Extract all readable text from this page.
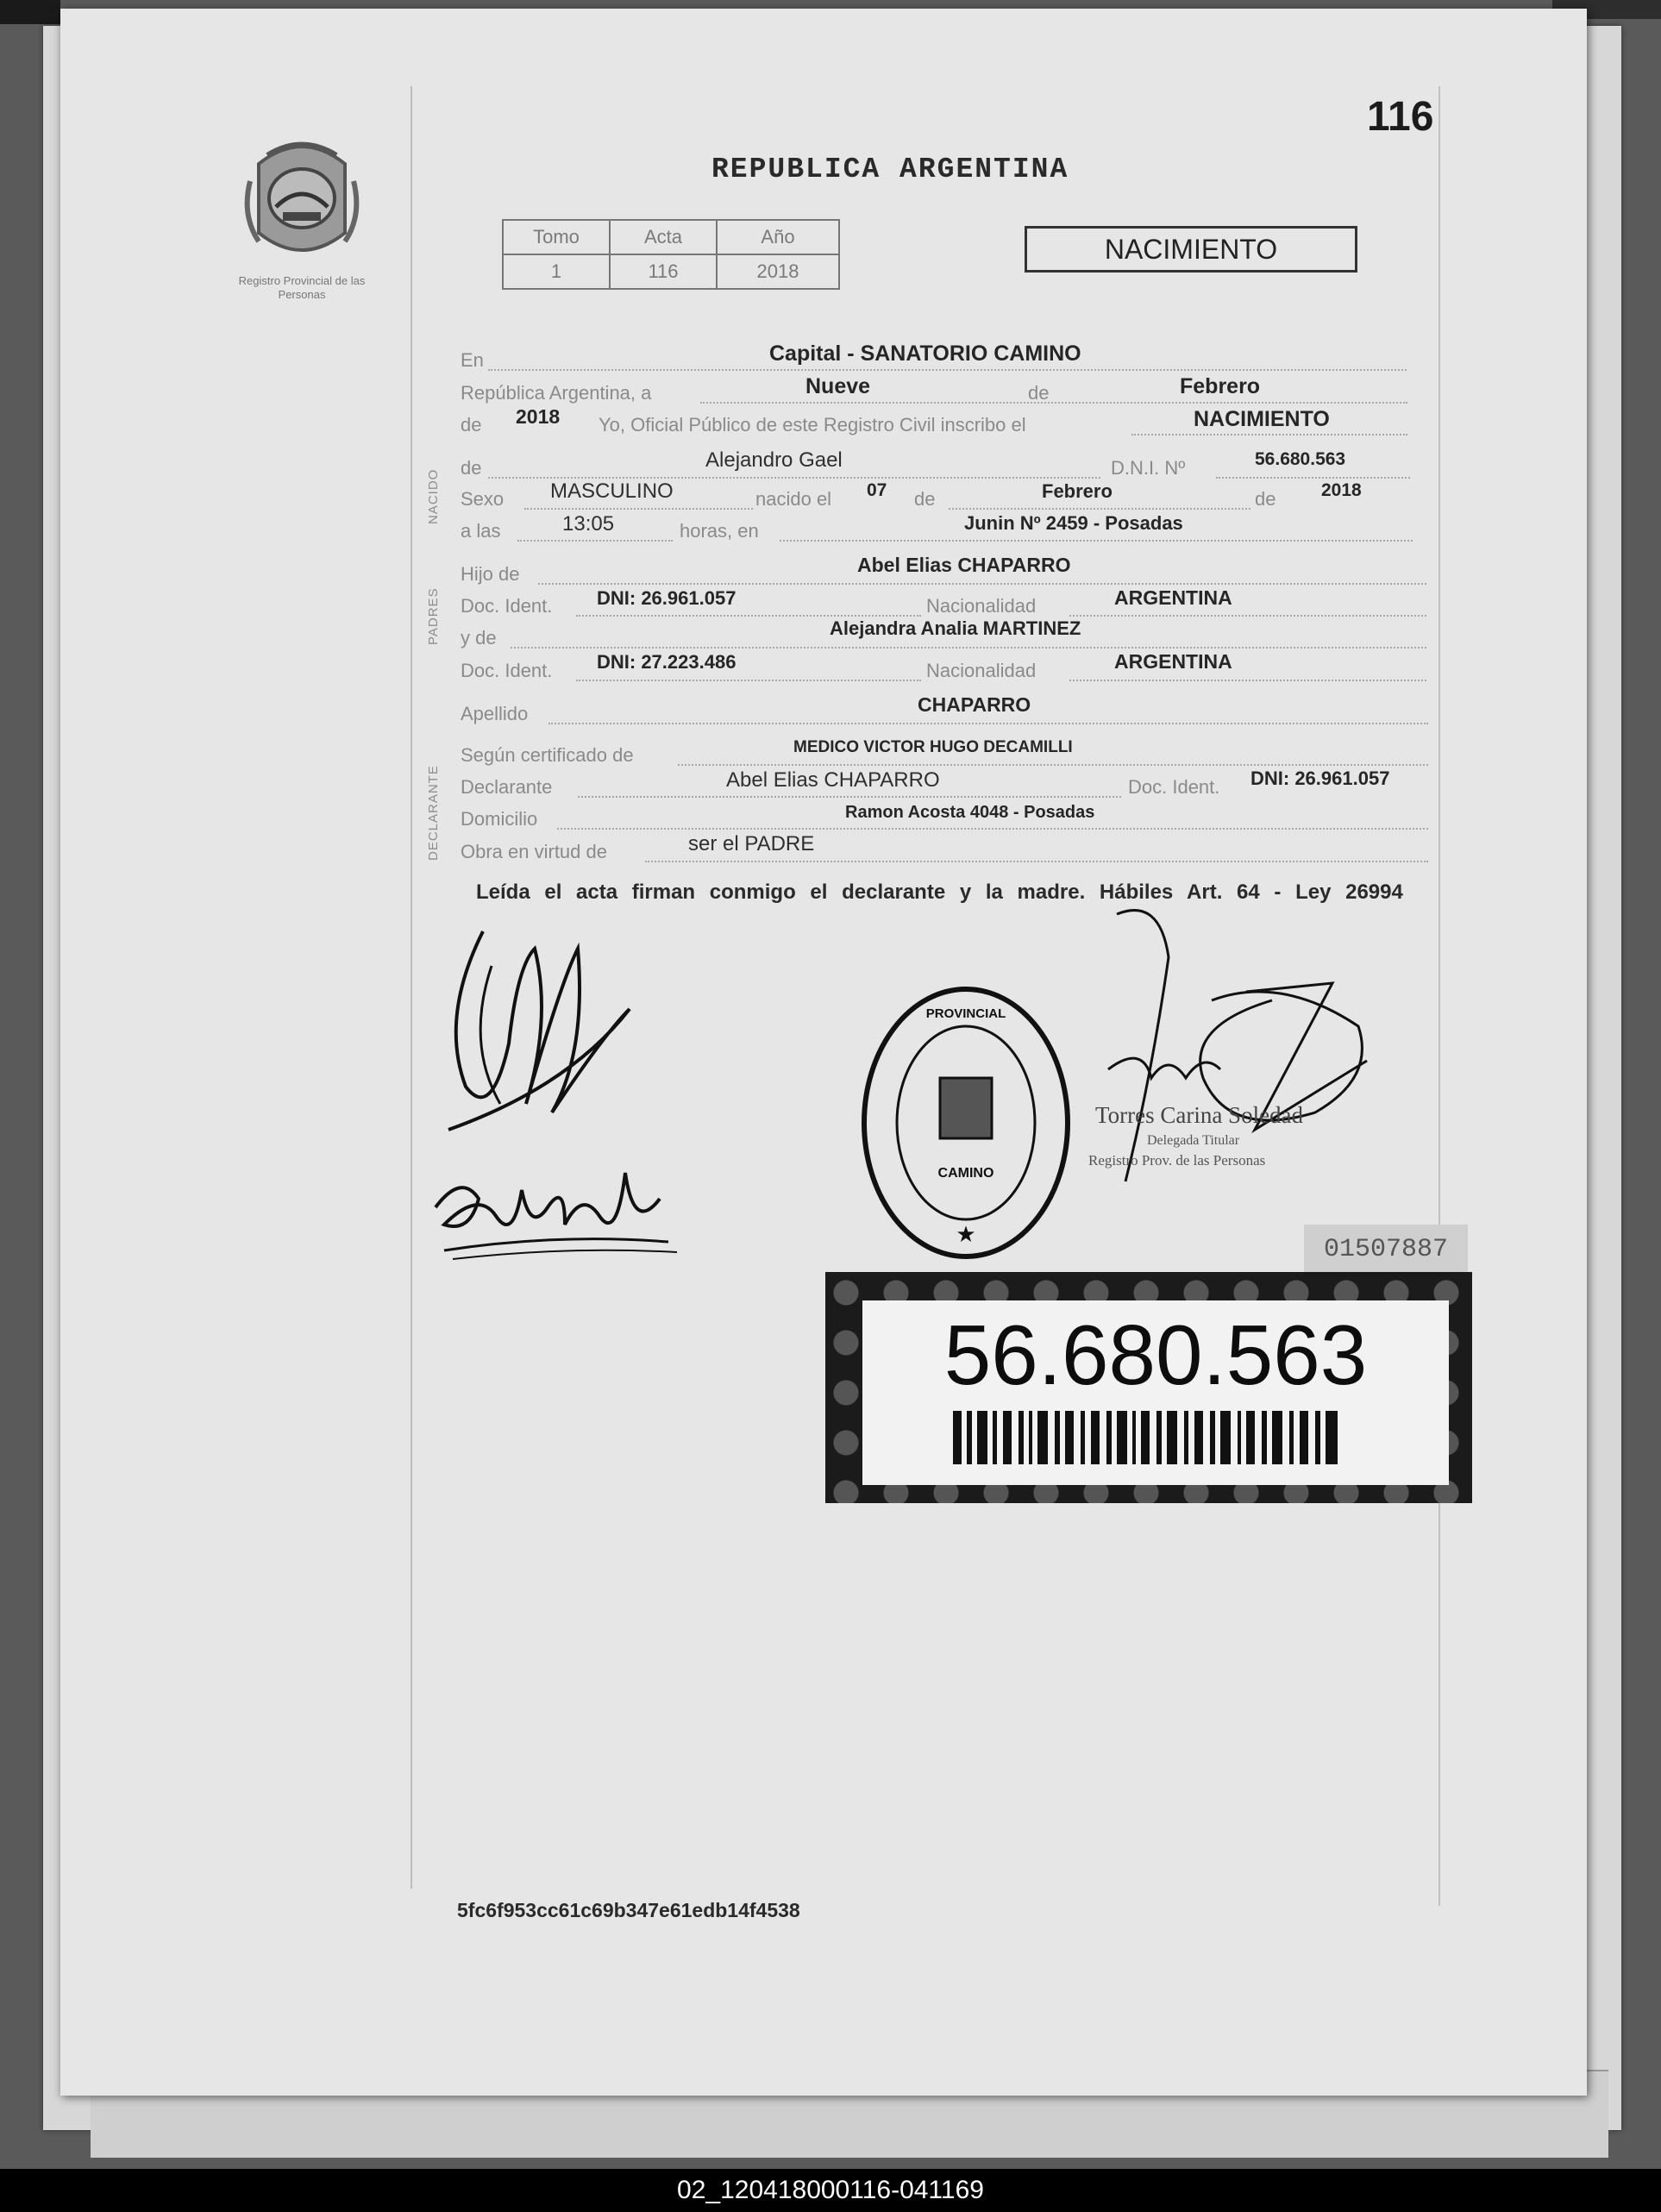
116
REPUBLICA ARGENTINA
Registro Provincial de las Personas
Tomo	Acta	Año
1	116	2018
NACIMIENTO
NACIDO
PADRES
DECLARANTE
En	Capital - SANATORIO CAMINO
República Argentina, a	Nueve	de	Febrero
de 2018 Yo, Oficial Público de este Registro Civil inscribo el	NACIMIENTO
de	Alejandro Gael	D.N.I. Nº	56.680.563
Sexo MASCULINO	nacido el 07 de	Febrero	de	2018
a las	13:05	horas, en	Junin Nº 2459 - Posadas
Hijo de	Abel Elias CHAPARRO
Doc. Ident. DNI: 26.961.057	Nacionalidad	ARGENTINA
y de	Alejandra Analia MARTINEZ
Doc. Ident. DNI: 27.223.486	Nacionalidad	ARGENTINA
Apellido	CHAPARRO
Según certificado de	MEDICO VICTOR HUGO DECAMILLI
Declarante	Abel Elias CHAPARRO	Doc. Ident. DNI: 26.961.057
Domicilio	Ramon Acosta 4048 - Posadas
Obra en virtud de	ser el PADRE
Leída el acta firman conmigo el declarante y la madre. Hábiles Art. 64 - Ley 26994
PROVINCIAL
CAMINO
★
Torres Carina Soledad
Delegada Titular
Registro Prov. de las Personas
01507887
56.680.563
5fc6f953cc61c69b347e61edb14f4538
02_120418000116-041169
